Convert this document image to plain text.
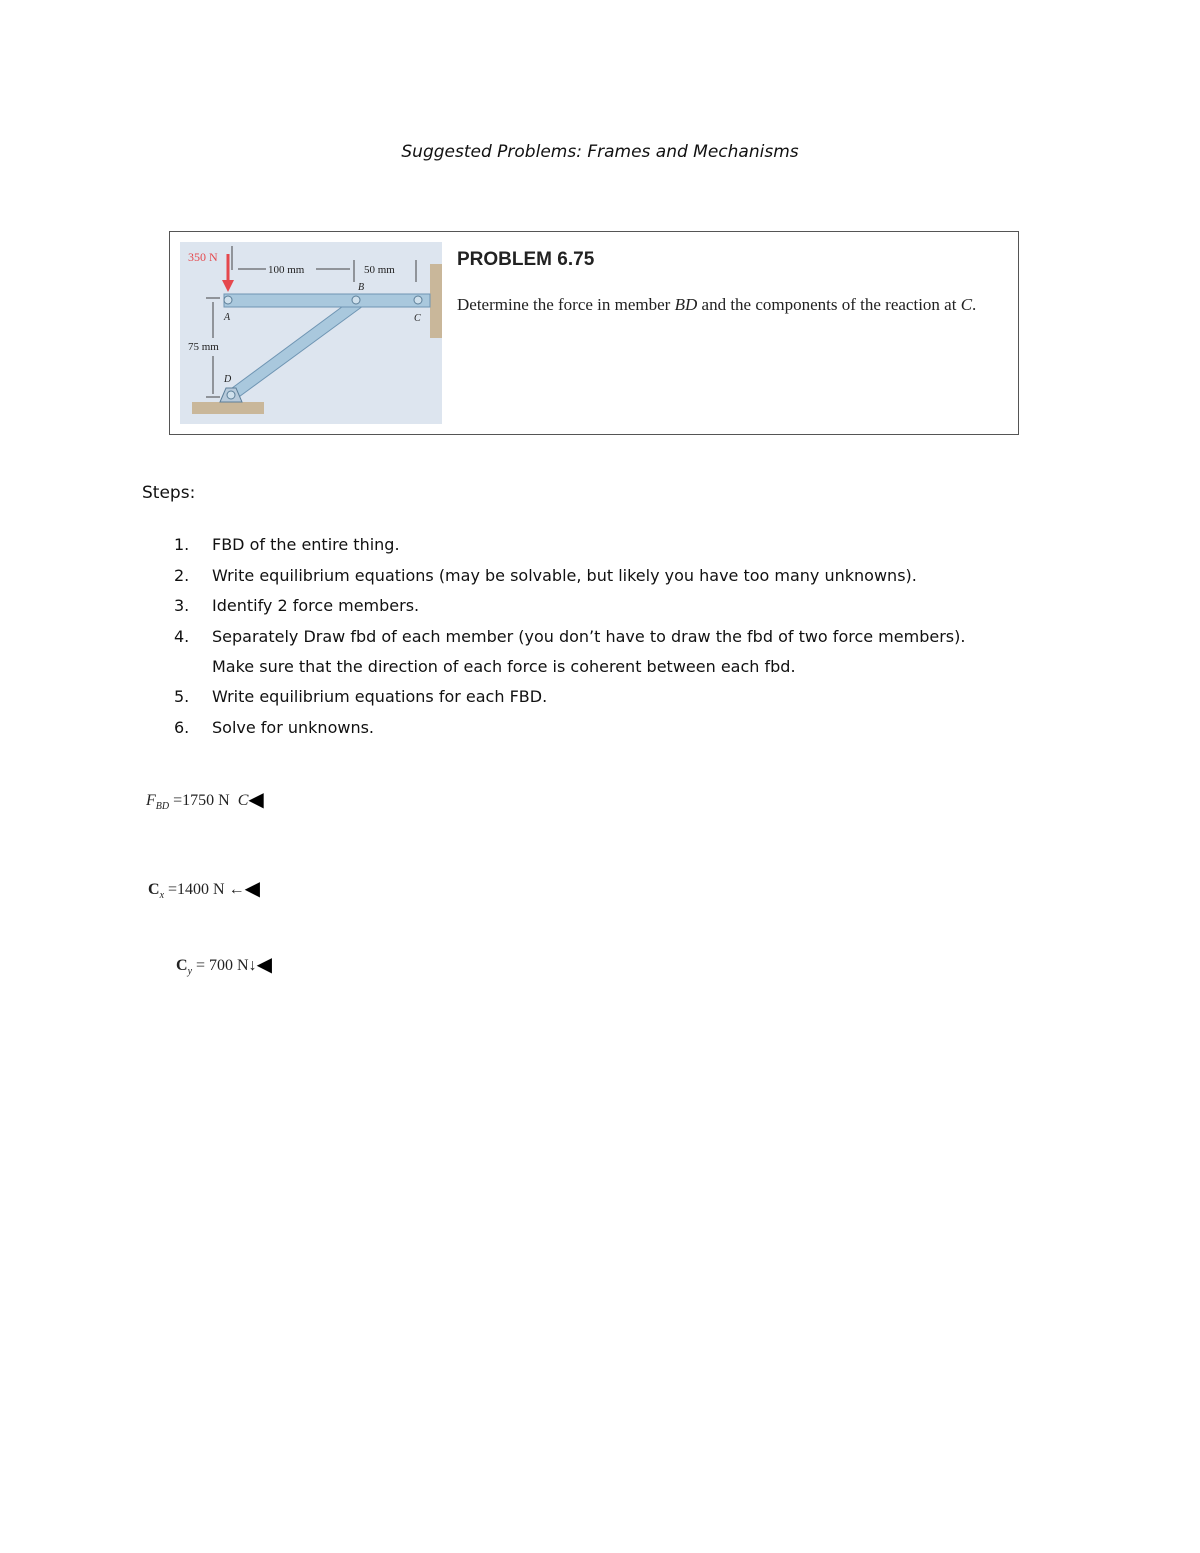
Suggested Problems: Frames and Mechanisms
350 N
100 mm	50 mm
75 mm
A
B
C
D
PROBLEM 6.75
Determine the force in member BD and the components of the reaction at C.
Steps:
1. FBD of the entire thing.
2. Write equilibrium equations (may be solvable, but likely you have too many unknowns).
3. Identify 2 force members.
4. Separately Draw fbd of each member (you don’t have to draw the fbd of two force members).
Make sure that the direction of each force is coherent between each fbd.
5. Write equilibrium equations for each FBD.
6. Solve for unknowns.
$F_{BD} =1750$ N C◀
$C_x =1400$ N ←◀
$C_y = 700$ N↓◀
